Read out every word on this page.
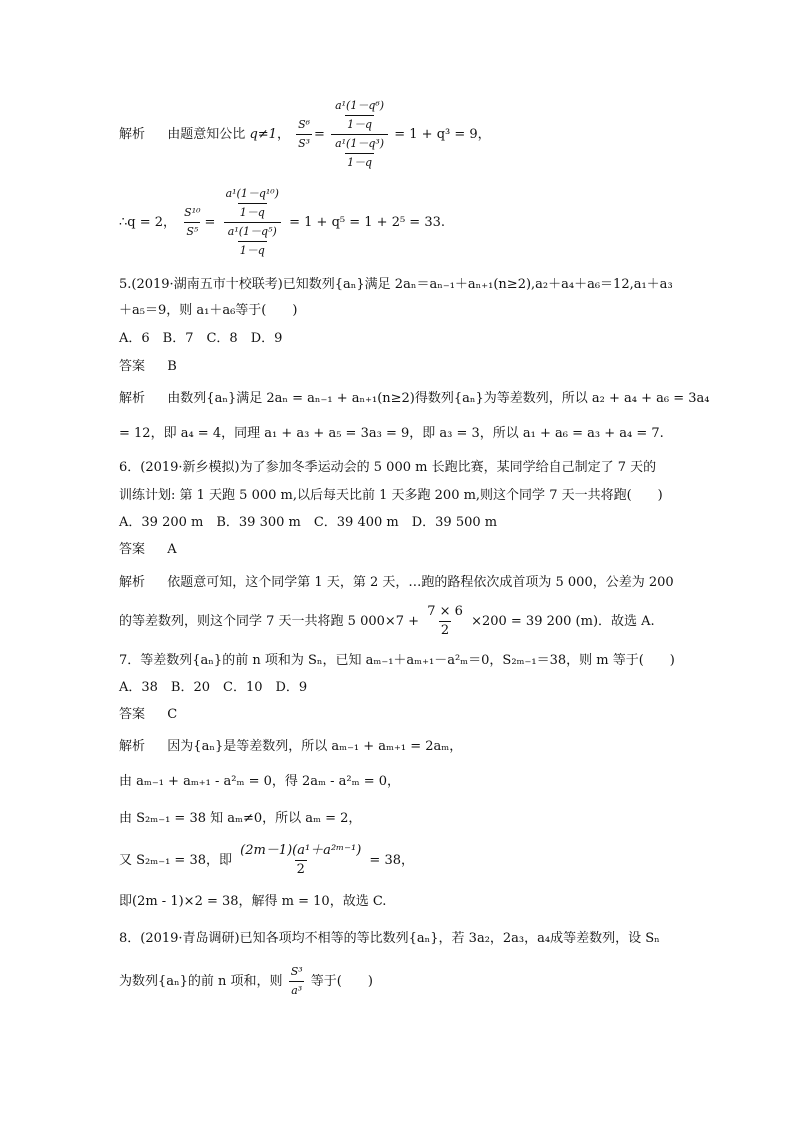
解析 由题意知公比 q≠1， $\frac{\text{S⁶}}{\text{S³}} = \frac{\frac{\text{a¹(1－q⁶)}}{1-q}}{\frac{\text{a¹(1－q³)}}{1-q}} = 1 + q^3 = 9$，
∴q = 2， $\frac{\text{S¹⁰}}{\text{S⁵}} = \frac{\frac{\text{a¹(1－q¹⁰)}}{1-q}}{\frac{\text{a¹(1－q⁵)}}{1-q}} = 1 + q^5 = 1 + 2^5 = 33$.
5.(2019·湖南五市十校联考)已知数列{aₙ}满足 2aₙ＝aₙ₋₁＋aₙ₊₁(n≥2),a₂＋a₄＋a₆＝12,a₁＋a₃
＋a₅＝9，则 a₁＋a₆等于(　　)
A．6　B．7　C．8　D．9
答案 B
解析 由数列{aₙ}满足 2aₙ = aₙ₋₁ + aₙ₊₁(n≥2)得数列{aₙ}为等差数列，所以 a₂ + a₄ + a₆ = 3a₄
= 12，即 a₄ = 4，同理 a₁ + a₃ + a₅ = 3a₃ = 9，即 a₃ = 3，所以 a₁ + a₆ = a₃ + a₄ = 7.
6．(2019·新乡模拟)为了参加冬季运动会的 5 000 m 长跑比赛，某同学给自己制定了 7 天的
训练计划: 第 1 天跑 5 000 m,以后每天比前 1 天多跑 200 m,则这个同学 7 天一共将跑(　　)
A．39 200 m　B．39 300 m　C．39 400 m　D．39 500 m
答案 A
解析 依题意可知，这个同学第 1 天，第 2 天，…跑的路程依次成首项为 5 000，公差为 200
的等差数列，则这个同学 7 天一共将跑 5 $000\times 7 + \frac{7 \times 6}{2} \times 200 = 39$ 200 (m)．故选 A.
7．等差数列{aₙ}的前 n 项和为 Sₙ，已知 aₘ₋₁＋aₘ₊₁－a²ₘ＝0，S₂ₘ₋₁＝38，则 m 等于(　　)
A．38　B．20　C．10　D．9
答案 C
解析 因为{aₙ}是等差数列，所以 aₘ₋₁ + aₘ₊₁ = 2aₘ，
由 aₘ₋₁ + aₘ₊₁ - a²ₘ = 0，得 2aₘ - a²ₘ = 0，
由 S₂ₘ₋₁ = 38 知 aₘ≠0，所以 aₘ = 2，
又 S₂ₘ₋₁ = 38，即 $\frac{\text{(2m－1)(a¹＋a²ᵐ⁻¹)}}{2} = 38$，
即(2m - 1)×2 = 38，解得 m = 10，故选 C.
8．(2019·青岛调研)已知各项均不相等的等比数列{aₙ}，若 3a₂，2a₃，a₄成等差数列，设 Sₙ
为数列{aₙ}的前 n 项和，则 $\frac{\text{S³}}{\text{a³}}$ 等于(　　)
